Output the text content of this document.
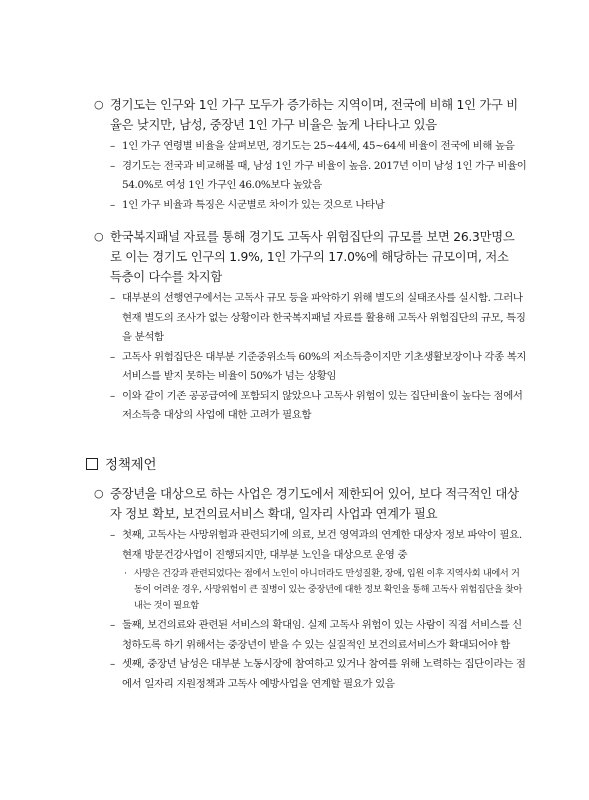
○ 경기도는 인구와 1인 가구 모두가 증가하는 지역이며, 전국에 비해 1인 가구 비율은 낮지만, 남성, 중장년 1인 가구 비율은 높게 나타나고 있음
– 1인 가구 연령별 비율을 살펴보면, 경기도는 25~44세, 45~64세 비율이 전국에 비해 높음
– 경기도는 전국과 비교해볼 때, 남성 1인 가구 비율이 높음. 2017년 이미 남성 1인 가구 비율이 54.0%로 여성 1인 가구인 46.0%보다 높았음
– 1인 가구 비율과 특징은 시군별로 차이가 있는 것으로 나타남
○ 한국복지패널 자료를 통해 경기도 고독사 위험집단의 규모를 보면 26.3만명으로 이는 경기도 인구의 1.9%, 1인 가구의 17.0%에 해당하는 규모이며, 저소득층이 다수를 차지함
– 대부분의 선행연구에서는 고독사 규모 등을 파악하기 위해 별도의 실태조사를 실시함. 그러나 현재 별도의 조사가 없는 상황이라 한국복지패널 자료를 활용해 고독사 위험집단의 규모, 특징을 분석함
– 고독사 위험집단은 대부분 기준중위소득 60%의 저소득층이지만 기초생활보장이나 각종 복지서비스를 받지 못하는 비율이 50%가 넘는 상황임
– 이와 같이 기존 공공급여에 포함되지 않았으나 고독사 위험이 있는 집단비율이 높다는 점에서 저소득층 대상의 사업에 대한 고려가 필요함
정책제언
○ 중장년을 대상으로 하는 사업은 경기도에서 제한되어 있어, 보다 적극적인 대상자 정보 확보, 보건의료서비스 확대, 일자리 사업과 연계가 필요
– 첫째, 고독사는 사망위험과 관련되기에 의료, 보건 영역과의 연계한 대상자 정보 파악이 필요. 현재 방문건강사업이 진행되지만, 대부분 노인을 대상으로 운영 중
· 사망은 건강과 관련되었다는 점에서 노인이 아니더라도 만성질환, 장애, 입원 이후 지역사회 내에서 거동이 어려운 경우, 사망위험이 큰 질병이 있는 중장년에 대한 정보 확인을 통해 고독사 위험집단을 찾아내는 것이 필요함
– 둘째, 보건의료와 관련된 서비스의 확대임. 실제 고독사 위험이 있는 사람이 직접 서비스를 신청하도록 하기 위해서는 중장년이 받을 수 있는 실질적인 보건의료서비스가 확대되어야 함
– 셋째, 중장년 남성은 대부분 노동시장에 참여하고 있거나 참여를 위해 노력하는 집단이라는 점에서 일자리 지원정책과 고독사 예방사업을 연계할 필요가 있음
